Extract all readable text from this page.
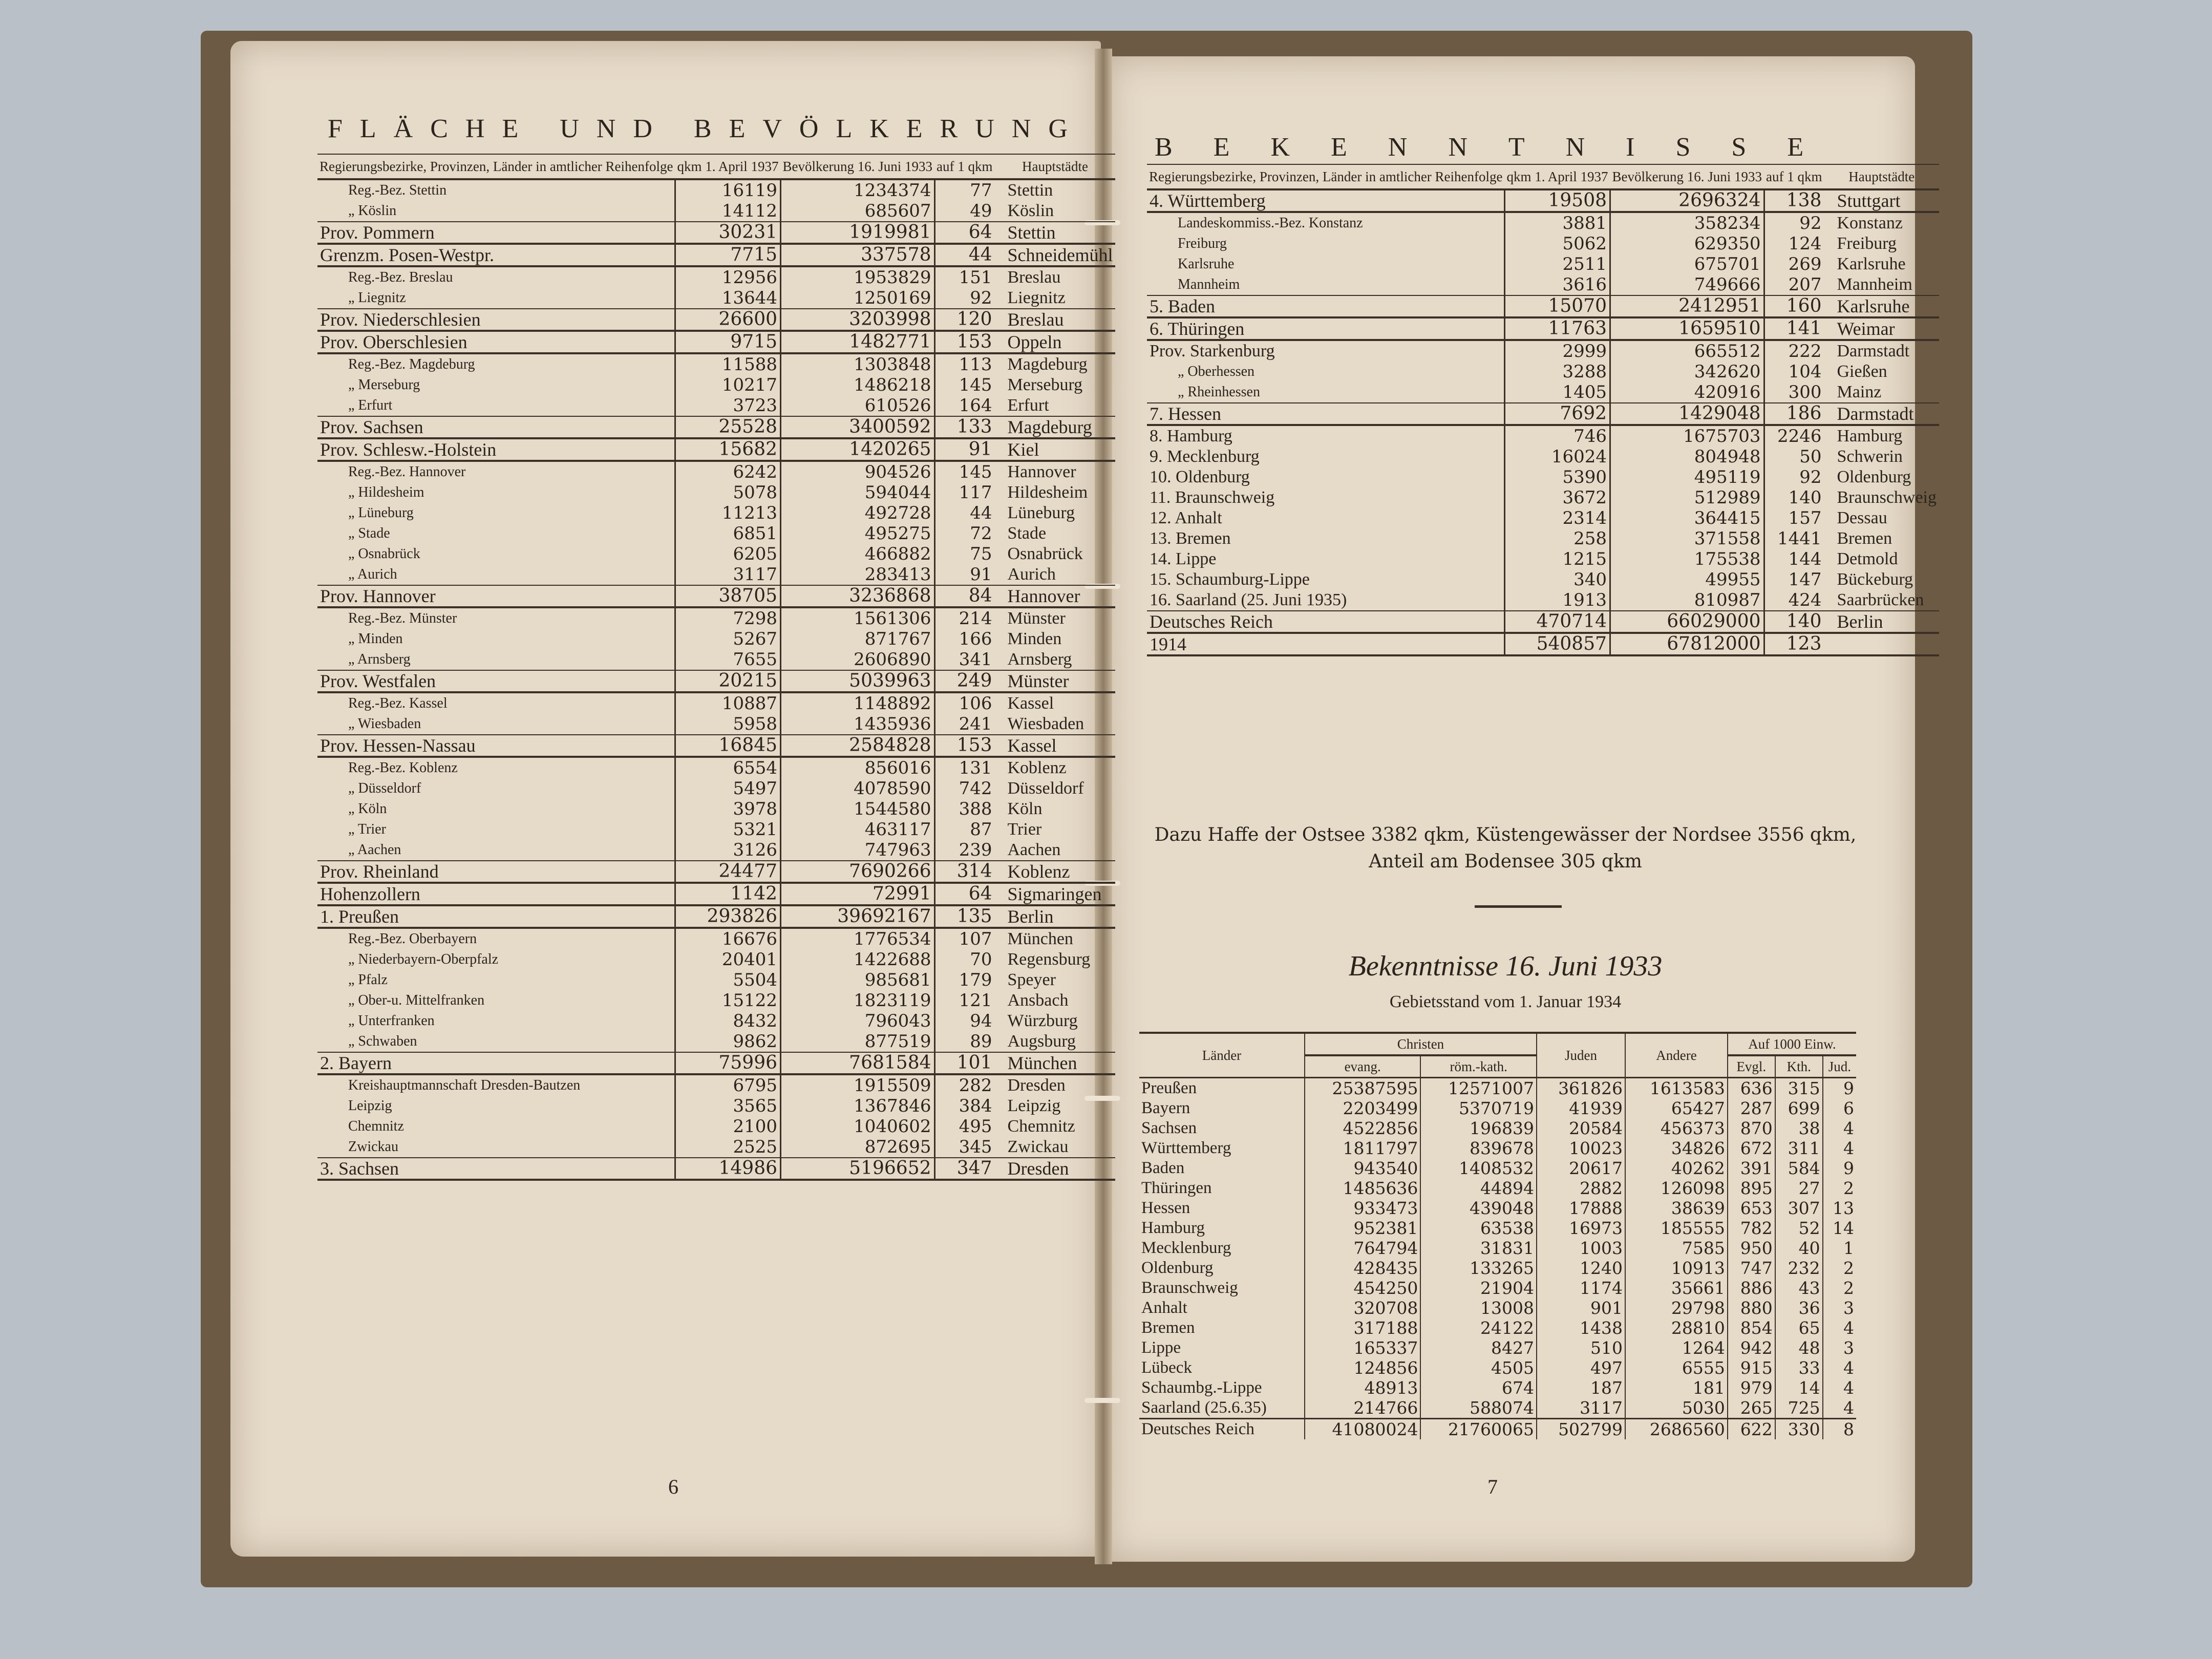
FLÄCHE UND BEVÖLKERUNG
Regierungsbezirke, Provinzen, Länder in amtlicher Reihenfolge	qkm 1. April 1937	Bevölkerung 16. Juni 1933	auf 1 qkm	Hauptstädte
Reg.-Bez. Stettin	16119	1234374	77	Stettin
„ Köslin	14112	685607	49	Köslin
Prov. Pommern	30231	1919981	64	Stettin
Grenzm. Posen-Westpr.	7715	337578	44	Schneidemühl
Reg.-Bez. Breslau	12956	1953829	151	Breslau
„ Liegnitz	13644	1250169	92	Liegnitz
Prov. Niederschlesien	26600	3203998	120	Breslau
Prov. Oberschlesien	9715	1482771	153	Oppeln
Reg.-Bez. Magdeburg	11588	1303848	113	Magdeburg
„ Merseburg	10217	1486218	145	Merseburg
„ Erfurt	3723	610526	164	Erfurt
Prov. Sachsen	25528	3400592	133	Magdeburg
Prov. Schlesw.-Holstein	15682	1420265	91	Kiel
Reg.-Bez. Hannover	6242	904526	145	Hannover
„ Hildesheim	5078	594044	117	Hildesheim
„ Lüneburg	11213	492728	44	Lüneburg
„ Stade	6851	495275	72	Stade
„ Osnabrück	6205	466882	75	Osnabrück
„ Aurich	3117	283413	91	Aurich
Prov. Hannover	38705	3236868	84	Hannover
Reg.-Bez. Münster	7298	1561306	214	Münster
„ Minden	5267	871767	166	Minden
„ Arnsberg	7655	2606890	341	Arnsberg
Prov. Westfalen	20215	5039963	249	Münster
Reg.-Bez. Kassel	10887	1148892	106	Kassel
„ Wiesbaden	5958	1435936	241	Wiesbaden
Prov. Hessen-Nassau	16845	2584828	153	Kassel
Reg.-Bez. Koblenz	6554	856016	131	Koblenz
„ Düsseldorf	5497	4078590	742	Düsseldorf
„ Köln	3978	1544580	388	Köln
„ Trier	5321	463117	87	Trier
„ Aachen	3126	747963	239	Aachen
Prov. Rheinland	24477	7690266	314	Koblenz
Hohenzollern	1142	72991	64	Sigmaringen
1. Preußen	293826	39692167	135	Berlin
Reg.-Bez. Oberbayern	16676	1776534	107	München
„ Niederbayern-Oberpfalz	20401	1422688	70	Regensburg
„ Pfalz	5504	985681	179	Speyer
„ Ober-u. Mittelfranken	15122	1823119	121	Ansbach
„ Unterfranken	8432	796043	94	Würzburg
„ Schwaben	9862	877519	89	Augsburg
2. Bayern	75996	7681584	101	München
Kreishauptmannschaft Dresden-Bautzen	6795	1915509	282	Dresden
Leipzig	3565	1367846	384	Leipzig
Chemnitz	2100	1040602	495	Chemnitz
Zwickau	2525	872695	345	Zwickau
3. Sachsen	14986	5196652	347	Dresden
6
BEKENNTNISSE
Regierungsbezirke, Provinzen, Länder in amtlicher Reihenfolge	qkm 1. April 1937	Bevölkerung 16. Juni 1933	auf 1 qkm	Hauptstädte
4. Württemberg	19508	2696324	138	Stuttgart
Landeskommiss.-Bez. Konstanz	3881	358234	92	Konstanz
Freiburg	5062	629350	124	Freiburg
Karlsruhe	2511	675701	269	Karlsruhe
Mannheim	3616	749666	207	Mannheim
5. Baden	15070	2412951	160	Karlsruhe
6. Thüringen	11763	1659510	141	Weimar
Prov. Starkenburg	2999	665512	222	Darmstadt
„ Oberhessen	3288	342620	104	Gießen
„ Rheinhessen	1405	420916	300	Mainz
7. Hessen	7692	1429048	186	Darmstadt
8. Hamburg	746	1675703	2246	Hamburg
9. Mecklenburg	16024	804948	50	Schwerin
10. Oldenburg	5390	495119	92	Oldenburg
11. Braunschweig	3672	512989	140	Braunschweig
12. Anhalt	2314	364415	157	Dessau
13. Bremen	258	371558	1441	Bremen
14. Lippe	1215	175538	144	Detmold
15. Schaumburg-Lippe	340	49955	147	Bückeburg
16. Saarland (25. Juni 1935)	1913	810987	424	Saarbrücken
Deutsches Reich	470714	66029000	140	Berlin
1914	540857	67812000	123	
Dazu Haffe der Ostsee 3382 qkm, Küstengewässer der Nordsee 3556 qkm,
Anteil am Bodensee 305 qkm
Bekenntnisse 16. Juni 1933
Gebietsstand vom 1. Januar 1934
Länder	Christen		Juden	Andere	Auf 1000 Einw.		
	evang.	röm.-kath.			Evgl.	Kth.	Jud.
Preußen	25387595	12571007	361826	1613583	636	315	9
Bayern	2203499	5370719	41939	65427	287	699	6
Sachsen	4522856	196839	20584	456373	870	38	4
Württemberg	1811797	839678	10023	34826	672	311	4
Baden	943540	1408532	20617	40262	391	584	9
Thüringen	1485636	44894	2882	126098	895	27	2
Hessen	933473	439048	17888	38639	653	307	13
Hamburg	952381	63538	16973	185555	782	52	14
Mecklenburg	764794	31831	1003	7585	950	40	1
Oldenburg	428435	133265	1240	10913	747	232	2
Braunschweig	454250	21904	1174	35661	886	43	2
Anhalt	320708	13008	901	29798	880	36	3
Bremen	317188	24122	1438	28810	854	65	4
Lippe	165337	8427	510	1264	942	48	3
Lübeck	124856	4505	497	6555	915	33	4
Schaumbg.-Lippe	48913	674	187	181	979	14	4
Saarland (25.6.35)	214766	588074	3117	5030	265	725	4
Deutsches Reich	41080024	21760065	502799	2686560	622	330	8
7
